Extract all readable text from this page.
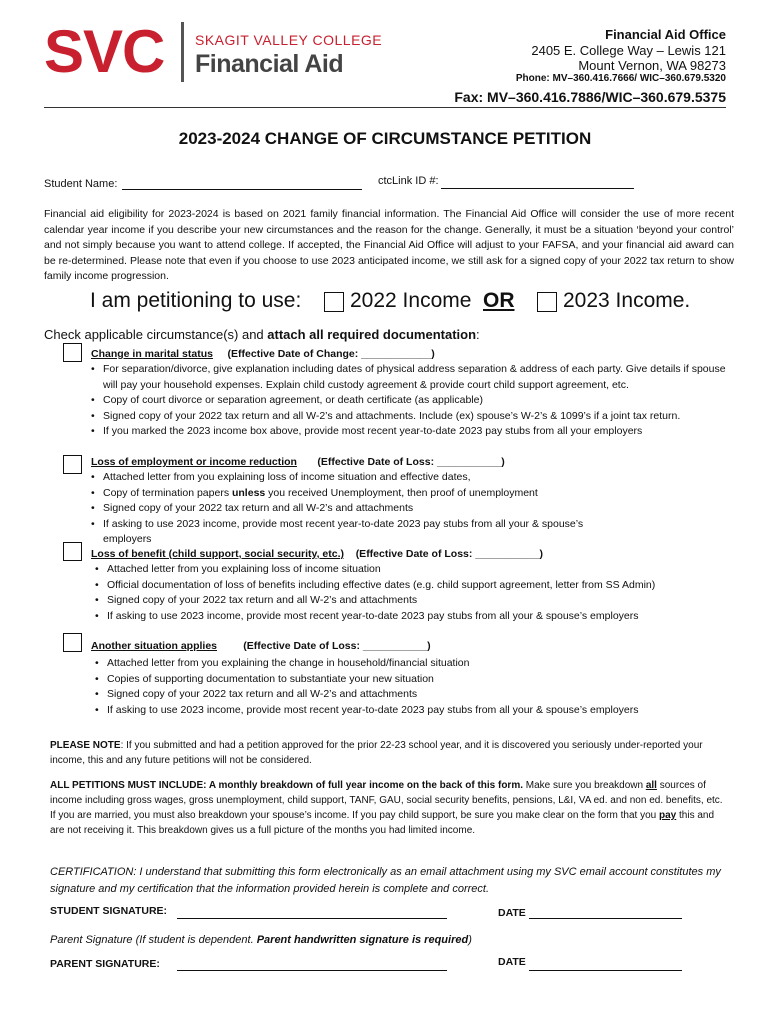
SVC SKAGIT VALLEY COLLEGE
Financial Aid
Financial Aid Office
2405 E. College Way – Lewis 121
Mount Vernon, WA 98273
Phone: MV–360.416.7666/ WIC–360.679.5320
Fax: MV–360.416.7886/WIC–360.679.5375
2023-2024 CHANGE OF CIRCUMSTANCE PETITION
Student Name:	ctcLink ID #:
Financial aid eligibility for 2023-2024 is based on 2021 family financial information. The Financial Aid Office will consider the use of more recent calendar year income if you describe your new circumstances and the reason for the change. Generally, it must be a situation ‘beyond your control’ and not simply because you want to attend college. If accepted, the Financial Aid Office will adjust to your FAFSA, and your financial aid award can be re-determined. Please note that even if you choose to use 2023 anticipated income, we still ask for a signed copy of your 2022 tax return to show family income progression.
I am petitioning to use: 2022 Income OR 2023 Income.
Check applicable circumstance(s) and attach all required documentation:
Change in marital status (Effective Date of Change: ____________)
• For separation/divorce, give explanation including dates of physical address separation & address of each party. Give details if spouse will pay your household expenses. Explain child custody agreement & provide court child support agreement, etc.
• Copy of court divorce or separation agreement, or death certificate (as applicable)
• Signed copy of your 2022 tax return and all W-2’s and attachments. Include (ex) spouse’s W-2’s & 1099’s if a joint tax return.
• If you marked the 2023 income box above, provide most recent year-to-date 2023 pay stubs from all your employers
Loss of employment or income reduction (Effective Date of Loss: ___________)
• Attached letter from you explaining loss of income situation and effective dates,
• Copy of termination papers unless you received Unemployment, then proof of unemployment
• Signed copy of your 2022 tax return and all W-2’s and attachments
• If asking to use 2023 income, provide most recent year-to-date 2023 pay stubs from all your & spouse’s employers
Loss of benefit (child support, social security, etc.) (Effective Date of Loss: ___________)
• Attached letter from you explaining loss of income situation
• Official documentation of loss of benefits including effective dates (e.g. child support agreement, letter from SS Admin)
• Signed copy of your 2022 tax return and all W-2’s and attachments
• If asking to use 2023 income, provide most recent year-to-date 2023 pay stubs from all your & spouse’s employers
Another situation applies	(Effective Date of Loss: ___________)
• Attached letter from you explaining the change in household/financial situation
• Copies of supporting documentation to substantiate your new situation
• Signed copy of your 2022 tax return and all W-2’s and attachments
• If asking to use 2023 income, provide most recent year-to-date 2023 pay stubs from all your & spouse’s employers
PLEASE NOTE: If you submitted and had a petition approved for the prior 22-23 school year, and it is discovered you seriously under-reported your income, this and any future petitions will not be considered.
ALL PETITIONS MUST INCLUDE: A monthly breakdown of full year income on the back of this form. Make sure you breakdown all sources of income including gross wages, gross unemployment, child support, TANF, GAU, social security benefits, pensions, L&I, VA ed. and non ed. benefits, etc. If you are married, you must also breakdown your spouse’s income. If you pay child support, be sure you make clear on the form that you pay this and are not receiving it. This breakdown gives us a full picture of the months you had limited income.
CERTIFICATION: I understand that submitting this form electronically as an email attachment using my SVC email account constitutes my signature and my certification that the information provided herein is complete and correct.
STUDENT SIGNATURE:	DATE
Parent Signature (If student is dependent. Parent handwritten signature is required)
PARENT SIGNATURE:	DATE
